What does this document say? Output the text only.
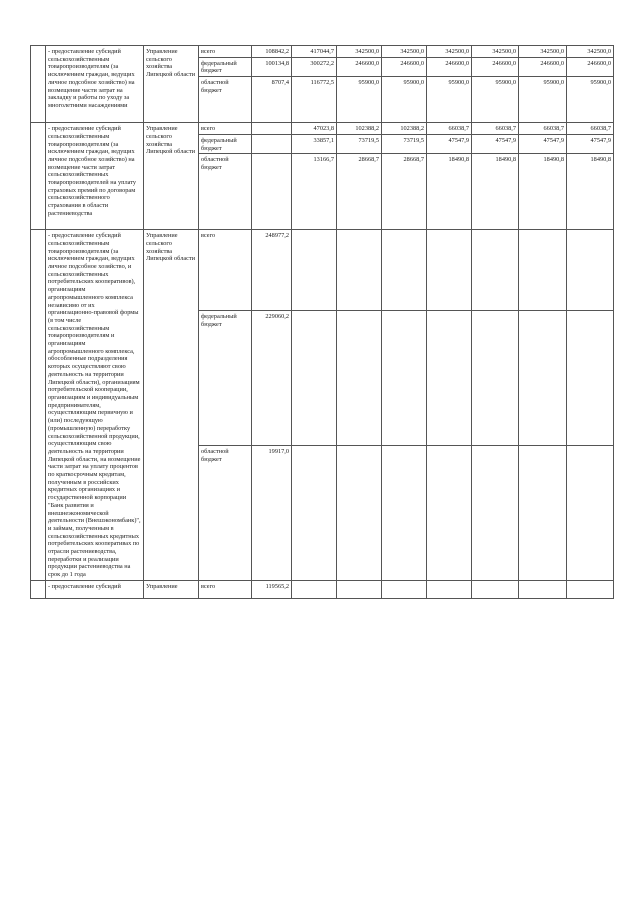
	- предоставление субсидий сельскохозяйственным товаропроизводителям (за исключением граждан, ведущих личное подсобное хозяйство) на возмещение части затрат на закладку и работы по уходу за многолетними насаждениями	Управление сельского хозяйства Липецкой области	всего	108842,2	417044,7	342500,0	342500,0	342500,0	342500,0	342500,0	342500,0
			федеральный бюджет	100134,8	300272,2	246600,0	246600,0	246600,0	246600,0	246600,0	246600,0
			областной бюджет	8707,4	116772,5	95900,0	95900,0	95900,0	95900,0	95900,0	95900,0
	- предоставление субсидий сельскохозяйственным товаропроизводителям (за исключением граждан, ведущих личное подсобное хозяйство) на возмещение части затрат сельскохозяйственных товаропроизводителей на уплату страховых премий по договорам сельскохозяйственного страхования в области растениеводства	Управление сельского хозяйства Липецкой области	всего		47023,8	102388,2	102388,2	66038,7	66038,7	66038,7	66038,7
			федеральный бюджет		33857,1	73719,5	73719,5	47547,9	47547,9	47547,9	47547,9
			областной бюджет		13166,7	28668,7	28668,7	18490,8	18490,8	18490,8	18490,8
	- предоставление субсидий сельскохозяйственным товаропроизводителям (за исключением граждан, ведущих личное подсобное хозяйство, и сельскохозяйственных потребительских кооперативов), организациям агропромышленного комплекса независимо от их организационно-правовой формы (в том числе сельскохозяйственным товаропроизводителям и организациям агропромышленного комплекса, обособленные подразделения которых осуществляют свою деятельность на территории Липецкой области), организациям потребительской кооперации, организациям и индивидуальным предпринимателям, осуществляющим первичную и (или) последующую (промышленную) переработку сельскохозяйственной продукции, осуществляющим свою деятельность на территории Липецкой области, на возмещение части затрат на уплату процентов по краткосрочным кредитам, полученным в российских кредитных организациях и государственной корпорации "Банк развития и внешнеэкономической деятельности (Внешэкономбанк)", и займам, полученным в сельскохозяйственных кредитных потребительских кооперативах по отрасли растениеводства, переработки и реализации продукции растениеводства на срок до 1 года	Управление сельского хозяйства Липецкой области	всего	248977,2							
			федеральный бюджет	229060,2							
			областной бюджет	19917,0							
	- предоставление субсидий	Управление	всего	119565,2							
